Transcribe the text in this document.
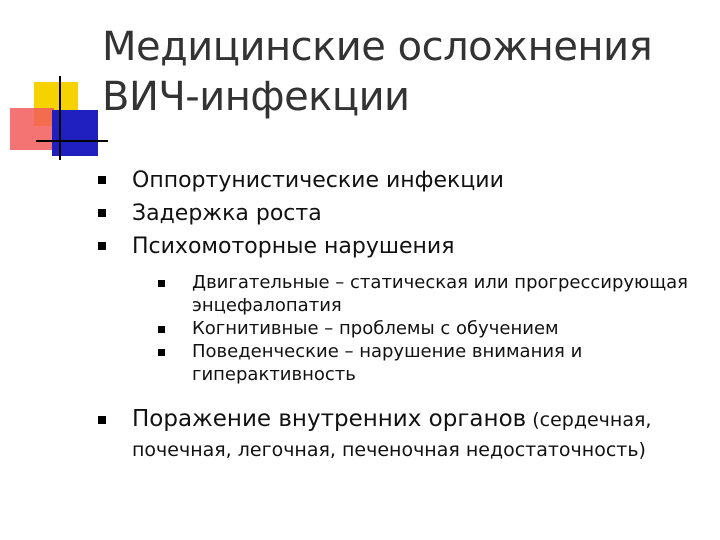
Медицинские осложнения
ВИЧ-инфекции
Оппортунистические инфекции
Задержка роста
Психомоторные нарушения
Двигательные – статическая или прогрессирующая энцефалопатия
Когнитивные – проблемы с обучением
Поведенческие – нарушение внимания и гиперактивность
Поражение внутренних органов (сердечная,
почечная, легочная, печеночная недостаточность)
